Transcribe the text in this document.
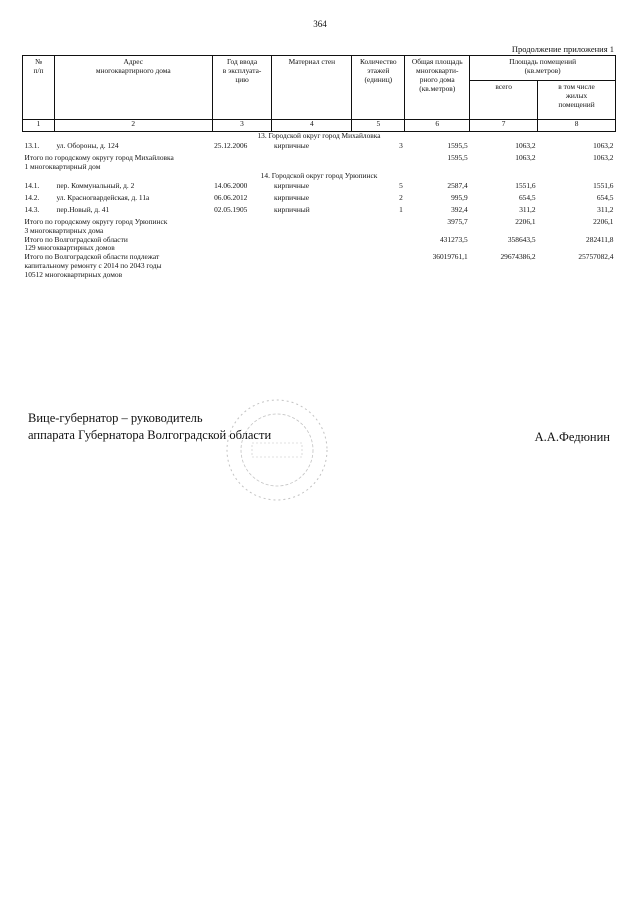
364
Продолжение приложения 1
№
п/п	Адрес
многоквартирного дома	Год ввода
в эксплуата-
цию	Материал стен	Количество
этажей
(единиц)	Общая площадь
многокварти-
рного дома
(кв.метров)	Площадь помещений
(кв.метров)	
						всего	в том числе
жилых
помещений
1	2	3	4	5	6	7	8
13. Городской округ город Михайловка							
13.1.	ул. Обороны, д. 124	25.12.2006	кирпичные	3	1595,5	1063,2	1063,2
Итого по городскому округу город Михайловка
1 многоквартирный дом					1595,5	1063,2	1063,2
14. Городской округ город Урюпинск							
14.1.	пер. Коммунальный, д. 2	14.06.2000	кирпичные	5	2587,4	1551,6	1551,6
14.2.	ул. Красногвардейская, д. 11а	06.06.2012	кирпичные	2	995,9	654,5	654,5
14.3.	пер.Новый, д. 41	02.05.1905	кирпичный	1	392,4	311,2	311,2
Итого по городскому округу город Урюпинск
3 многоквартирных дома					3975,7	2206,1	2206,1
Итого по Волгоградской области
129 многоквартирных домов					431273,5	358643,5	282411,8
Итого по Волгоградской области подлежат
капитальному ремонту с 2014 по 2043 годы
10512 многоквартирных домов					36019761,1	29674386,2	25757082,4
Вице-губернатор – руководитель
аппарата Губернатора Волгоградской области	А.А.Федюнин
